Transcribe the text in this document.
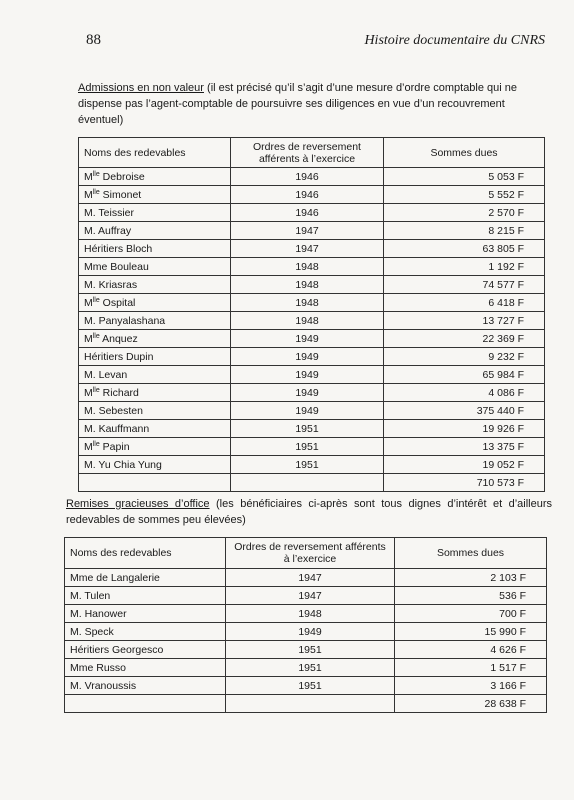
88	Histoire documentaire du CNRS
Admissions en non valeur (il est précisé qu’il s’agit d’une mesure d’ordre comptable qui ne dispense pas l’agent-comptable de poursuivre ses diligences en vue d’un recouvrement éventuel)
Noms des redevables	Ordres de reversement afférents à l’exercice	Sommes dues
$M^{lle}$ Debroise	1946	5 053 F
$M^{lle}$ Simonet	1946	5 552 F
M. Teissier	1946	2 570 F
M. Auffray	1947	8 215 F
Héritiers Bloch	1947	63 805 F
Mme Bouleau	1948	1 192 F
M. Kriasras	1948	74 577 F
$M^{lle}$ Ospital	1948	6 418 F
M. Panyalashana	1948	13 727 F
$M^{lle}$ Anquez	1949	22 369 F
Héritiers Dupin	1949	9 232 F
M. Levan	1949	65 984 F
$M^{lle}$ Richard	1949	4 086 F
M. Sebesten	1949	375 440 F
M. Kauffmann	1951	19 926 F
$M^{lle}$ Papin	1951	13 375 F
M. Yu Chia Yung	1951	19 052 F
		710 573 F
Remises gracieuses d’office (les bénéficiaires ci-après sont tous dignes d’intérêt et d’ailleurs redevables de sommes peu élevées)
Noms des redevables	Ordres de reversement afférents à l’exercice	Sommes dues
Mme de Langalerie	1947	2 103 F
M. Tulen	1947	536 F
M. Hanower	1948	700 F
M. Speck	1949	15 990 F
Héritiers Georgesco	1951	4 626 F
Mme Russo	1951	1 517 F
M. Vranoussis	1951	3 166 F
		28 638 F
